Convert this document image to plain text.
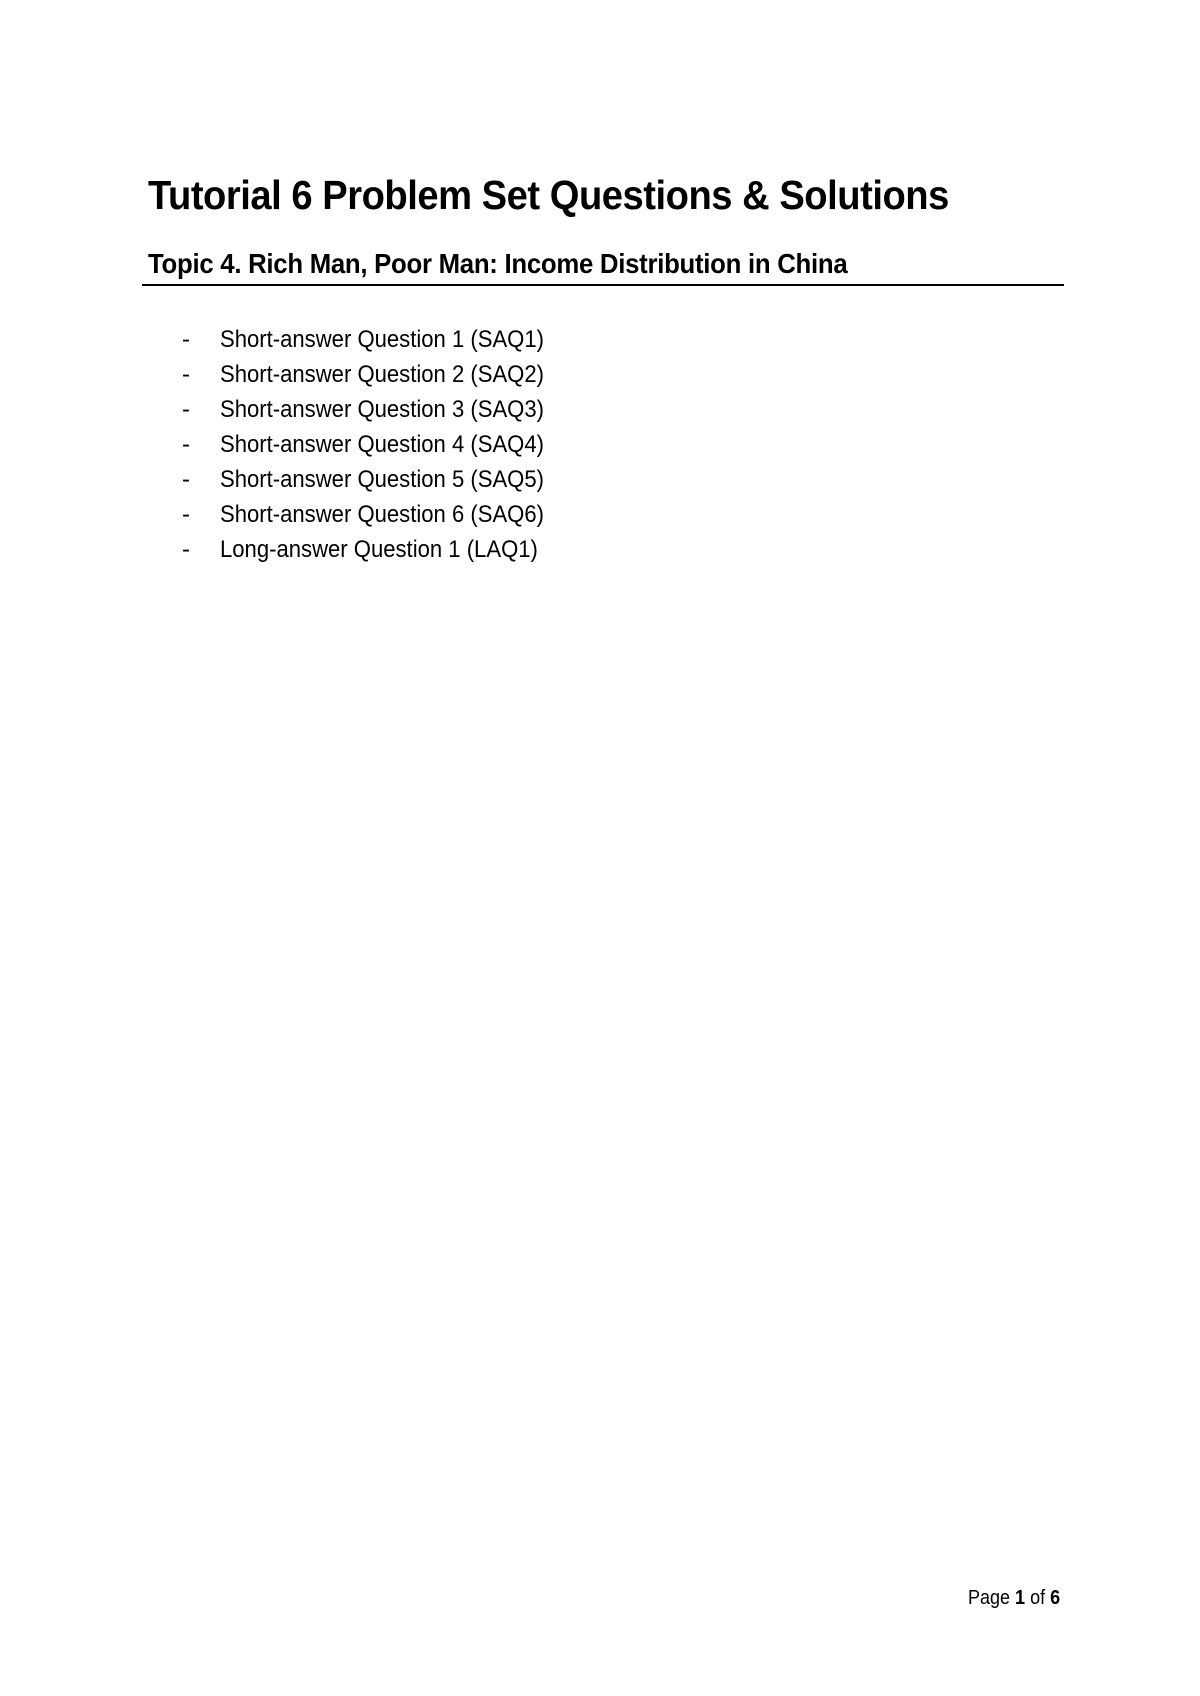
Tutorial 6 Problem Set Questions & Solutions
Topic 4. Rich Man, Poor Man: Income Distribution in China
-	Short-answer Question 1 (SAQ1)
-	Short-answer Question 2 (SAQ2)
-	Short-answer Question 3 (SAQ3)
-	Short-answer Question 4 (SAQ4)
-	Short-answer Question 5 (SAQ5)
-	Short-answer Question 6 (SAQ6)
-	Long-answer Question 1 (LAQ1)
Page 1 of 6
